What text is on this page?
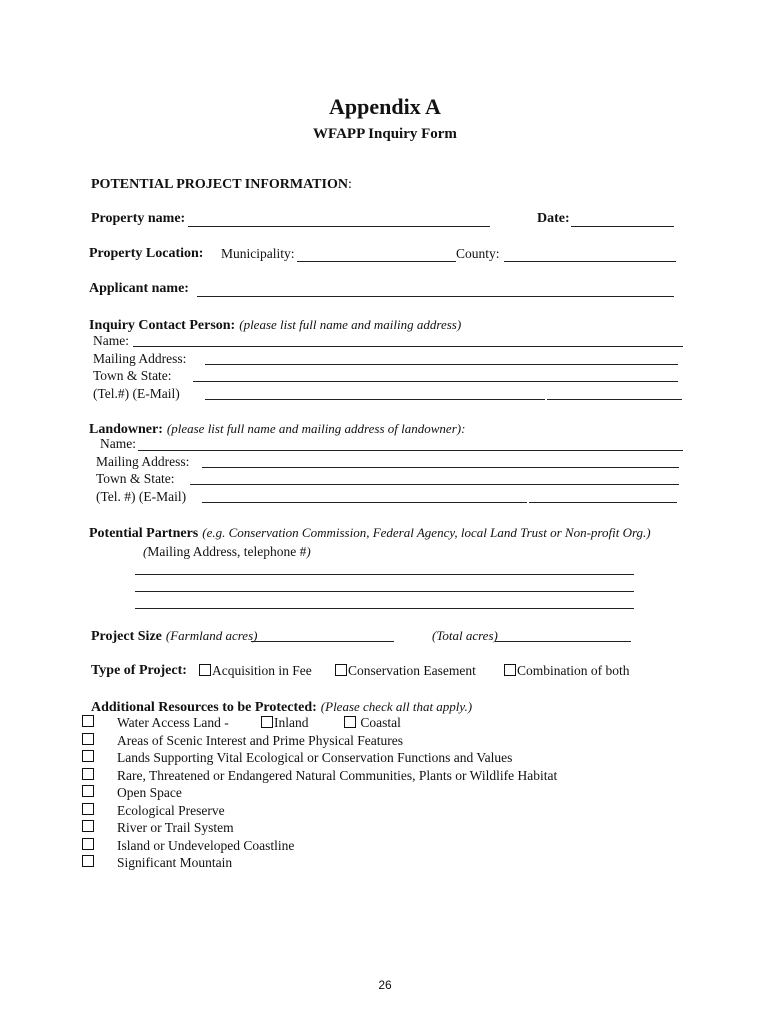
Appendix A
WFAPP Inquiry Form
POTENTIAL PROJECT INFORMATION:
Property name:	Date:
Property Location: Municipality:	County:
Applicant name:
Inquiry Contact Person: (please list full name and mailing address)
Name:
Mailing Address:
Town & State:
(Tel.#) (E-Mail)
Landowner: (please list full name and mailing address of landowner):
Name:
Mailing Address:
Town & State:
(Tel. #) (E-Mail)
Potential Partners (e.g. Conservation Commission, Federal Agency, local Land Trust or Non-profit Org.)
(Mailing Address, telephone #)
Project Size (Farmland acres)	(Total acres)
Type of Project:	Acquisition in Fee	Conservation Easement	Combination of both
Additional Resources to be Protected: (Please check all that apply.)
Water Access Land -	Inland	Coastal
Areas of Scenic Interest and Prime Physical Features
Lands Supporting Vital Ecological or Conservation Functions and Values
Rare, Threatened or Endangered Natural Communities, Plants or Wildlife Habitat
Open Space
Ecological Preserve
River or Trail System
Island or Undeveloped Coastline
Significant Mountain
26
